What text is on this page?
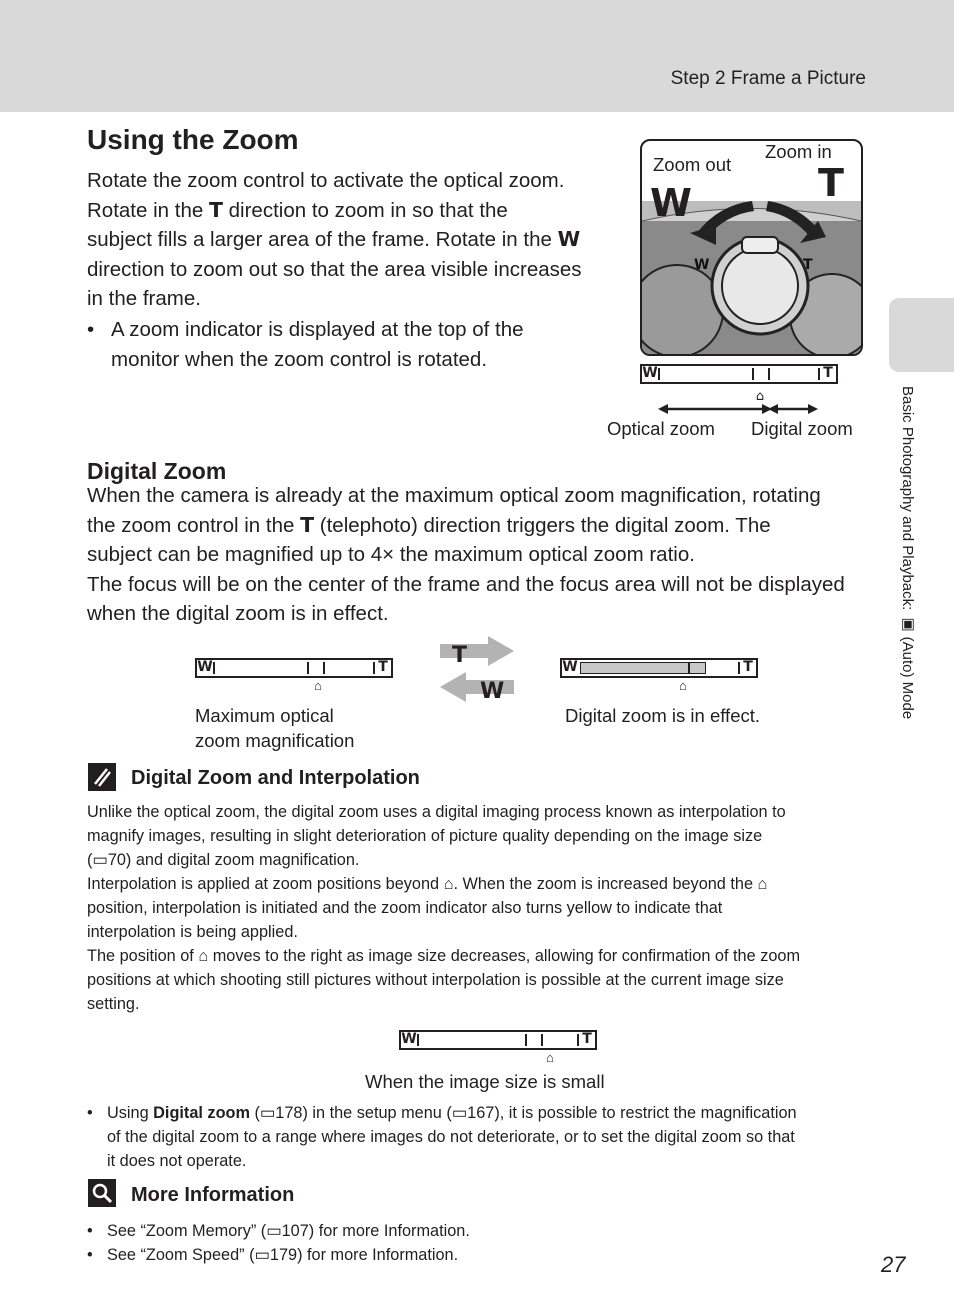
Step 2 Frame a Picture
Basic Photography and Playback: ▣ (Auto) Mode
Using the Zoom
Rotate the zoom control to activate the optical zoom.
Rotate in the T direction to zoom in so that the
subject fills a larger area of the frame. Rotate in the W
direction to zoom out so that the area visible increases
in the frame.
• A zoom indicator is displayed at the top of the
monitor when the zoom control is rotated.
W	T
Zoom out
Zoom in
W	T
W	T
⌂
Optical zoom Digital zoom
Digital Zoom
When the camera is already at the maximum optical zoom magnification, rotating
the zoom control in the T (telephoto) direction triggers the digital zoom. The
subject can be magnified up to 4× the maximum optical zoom ratio.
The focus will be on the center of the frame and the focus area will not be displayed
when the digital zoom is in effect.
W	T
⌂
T
W
W	T
⌂
Maximum optical
zoom magnification
Digital zoom is in effect.
Digital Zoom and Interpolation
Unlike the optical zoom, the digital zoom uses a digital imaging process known as interpolation to
magnify images, resulting in slight deterioration of picture quality depending on the image size
(▭70) and digital zoom magnification.
Interpolation is applied at zoom positions beyond ⌂. When the zoom is increased beyond the ⌂
position, interpolation is initiated and the zoom indicator also turns yellow to indicate that
interpolation is being applied.
The position of ⌂ moves to the right as image size decreases, allowing for confirmation of the zoom
positions at which shooting still pictures without interpolation is possible at the current image size
setting.
W	T
⌂
When the image size is small
• Using Digital zoom (▭178) in the setup menu (▭167), it is possible to restrict the magnification
of the digital zoom to a range where images do not deteriorate, or to set the digital zoom so that
it does not operate.
More Information
• See “Zoom Memory” (▭107) for more Information.
• See “Zoom Speed” (▭179) for more Information.	27
